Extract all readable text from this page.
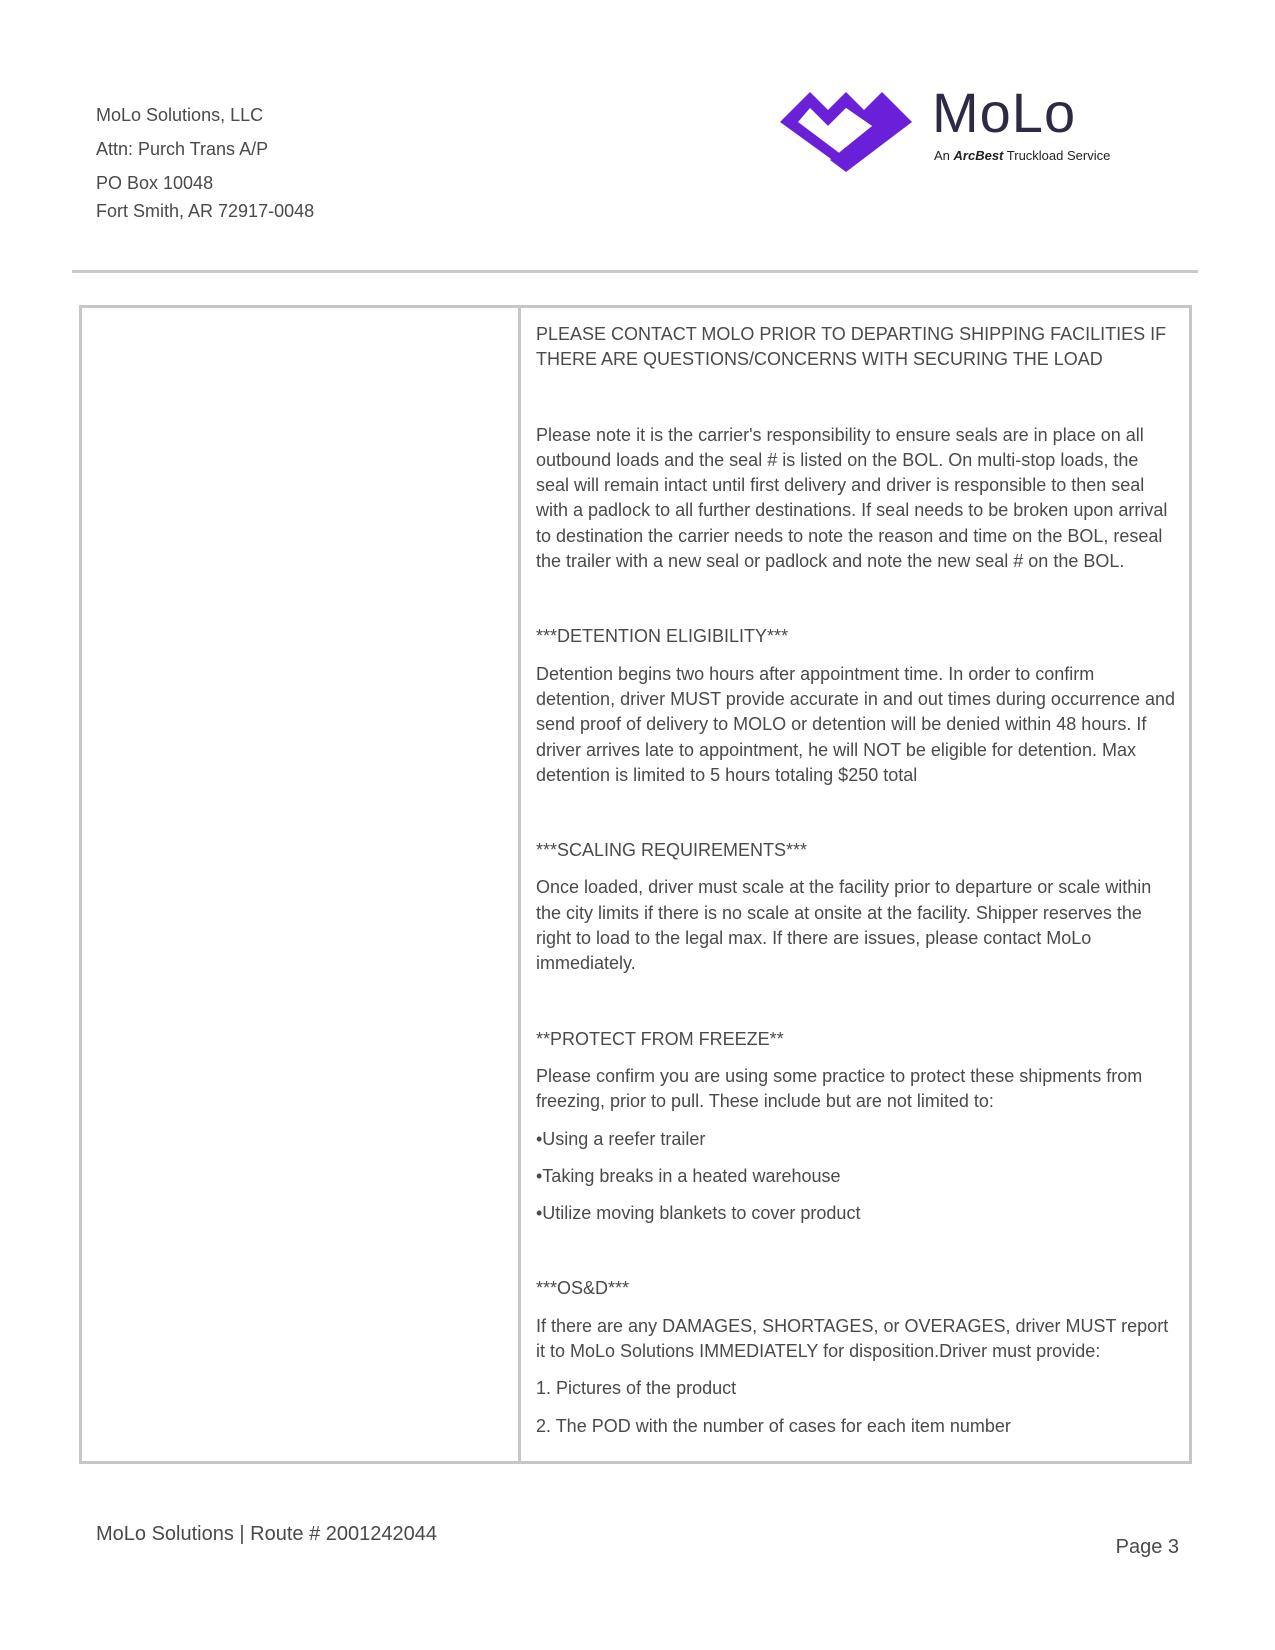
MoLo Solutions, LLC
Attn: Purch Trans A/P
PO Box 10048
Fort Smith, AR 72917-0048
MoLo
An ArcBest Truckload Service

PLEASE CONTACT MOLO PRIOR TO DEPARTING SHIPPING FACILITIES IF THERE ARE QUESTIONS/CONCERNS WITH SECURING THE LOAD

Please note it is the carrier's responsibility to ensure seals are in place on all outbound loads and the seal # is listed on the BOL. On multi-stop loads, the seal will remain intact until first delivery and driver is responsible to then seal with a padlock to all further destinations. If seal needs to be broken upon arrival to destination the carrier needs to note the reason and time on the BOL, reseal the trailer with a new seal or padlock and note the new seal # on the BOL.

***DETENTION ELIGIBILITY***

Detention begins two hours after appointment time. In order to confirm detention, driver MUST provide accurate in and out times during occurrence and send proof of delivery to MOLO or detention will be denied within 48 hours. If driver arrives late to appointment, he will NOT be eligible for detention. Max detention is limited to 5 hours totaling $250 total

***SCALING REQUIREMENTS***

Once loaded, driver must scale at the facility prior to departure or scale within the city limits if there is no scale at onsite at the facility. Shipper reserves the right to load to the legal max. If there are issues, please contact MoLo immediately.

**PROTECT FROM FREEZE**

Please confirm you are using some practice to protect these shipments from freezing, prior to pull. These include but are not limited to:

•Using a reefer trailer

•Taking breaks in a heated warehouse

•Utilize moving blankets to cover product

***OS&D***

If there are any DAMAGES, SHORTAGES, or OVERAGES, driver MUST report it to MoLo Solutions IMMEDIATELY for disposition.Driver must provide:

1. Pictures of the product

2. The POD with the number of cases for each item number

MoLo Solutions | Route # 2001242044
Page 3
